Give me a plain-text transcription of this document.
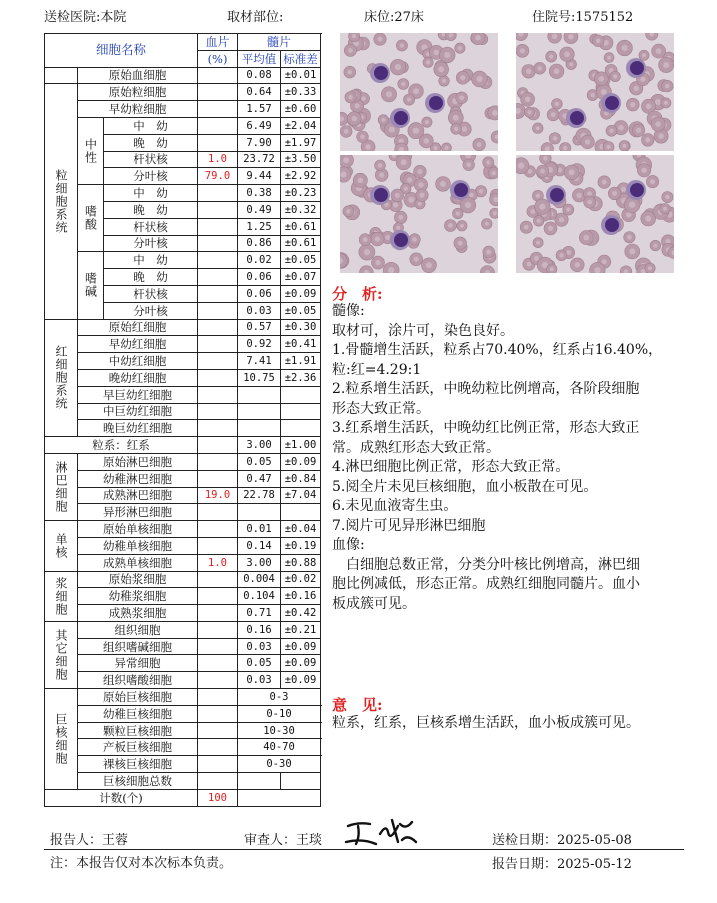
送检医院:本院	取材部位:	床位:27床	住院号:1575152
细胞名称			血片	髓片		
			(%)	平均值	标准差	
	原始血细胞			0.08	±0.01	
粒细胞系统	原始粒细胞			0.64	±0.33	
	早幼粒细胞			1.57	±0.60	
	中性	中　幼		6.49	±2.04	
		晚　幼		7.90	±1.97	
		杆状核	1.0	23.72	±3.50	
		分叶核	79.0	9.44	±2.92	
	嗜酸	中　幼		0.38	±0.23	
		晚　幼		0.49	±0.32	
		杆状核		1.25	±0.61	
		分叶核		0.86	±0.61	
	嗜碱	中　幼		0.02	±0.05	
		晚　幼		0.06	±0.07	
		杆状核		0.06	±0.09	
		分叶核		0.03	±0.05	
红细胞系统	原始红细胞			0.57	±0.30	
	早幼红细胞			0.92	±0.41	
	中幼红细胞			7.41	±1.91	
	晚幼红细胞			10.75	±2.36	
	早巨幼红细胞					
	中巨幼红细胞					
	晚巨幼红细胞					
粒系：红系				3.00	±1.00	
淋巴细胞	原始淋巴细胞			0.05	±0.09	
	幼稚淋巴细胞			0.47	±0.84	
	成熟淋巴细胞		19.0	22.78	±7.04	
	异形淋巴细胞					
单核	原始单核细胞			0.01	±0.04	
	幼稚单核细胞			0.14	±0.19	
	成熟单核细胞		1.0	3.00	±0.88	
浆细胞	原始浆细胞			0.004	±0.02	
	幼稚浆细胞			0.104	±0.16	
	成熟浆细胞			0.71	±0.42	
其它细胞	组织细胞			0.16	±0.21	
	组织嗜碱细胞			0.03	±0.09	
	异常细胞			0.05	±0.09	
	组织嗜酸细胞			0.03	±0.09	
巨核细胞	原始巨核细胞			0-3		
	幼稚巨核细胞			0-10		
	颗粒巨核细胞			10-30		
	产板巨核细胞			40-70		
	裸核巨核细胞			0-30		
	巨核细胞总数				
计数(个)			100		
分　析:
髓像:
取材可，涂片可，染色良好。
1.骨髓增生活跃，粒系占70.40%，红系占16.40%，
粒:红=4.29:1
2.粒系增生活跃，中晚幼粒比例增高，各阶段细胞
形态大致正常。
3.红系增生活跃，中晚幼红比例正常，形态大致正
常。成熟红形态大致正常。
4.淋巴细胞比例正常，形态大致正常。
5.阅全片未见巨核细胞，血小板散在可见。
6.未见血液寄生虫。
7.阅片可见异形淋巴细胞
血像:
　白细胞总数正常，分类分叶核比例增高，淋巴细
胞比例减低，形态正常。成熟红细胞同髓片。血小
板成簇可见。
意　见:
粒系，红系，巨核系增生活跃，血小板成簇可见。
报告人：王蓉	审查人：王琰	送检日期：2025-05-08
注：本报告仅对本次标本负责。	报告日期：2025-05-12
